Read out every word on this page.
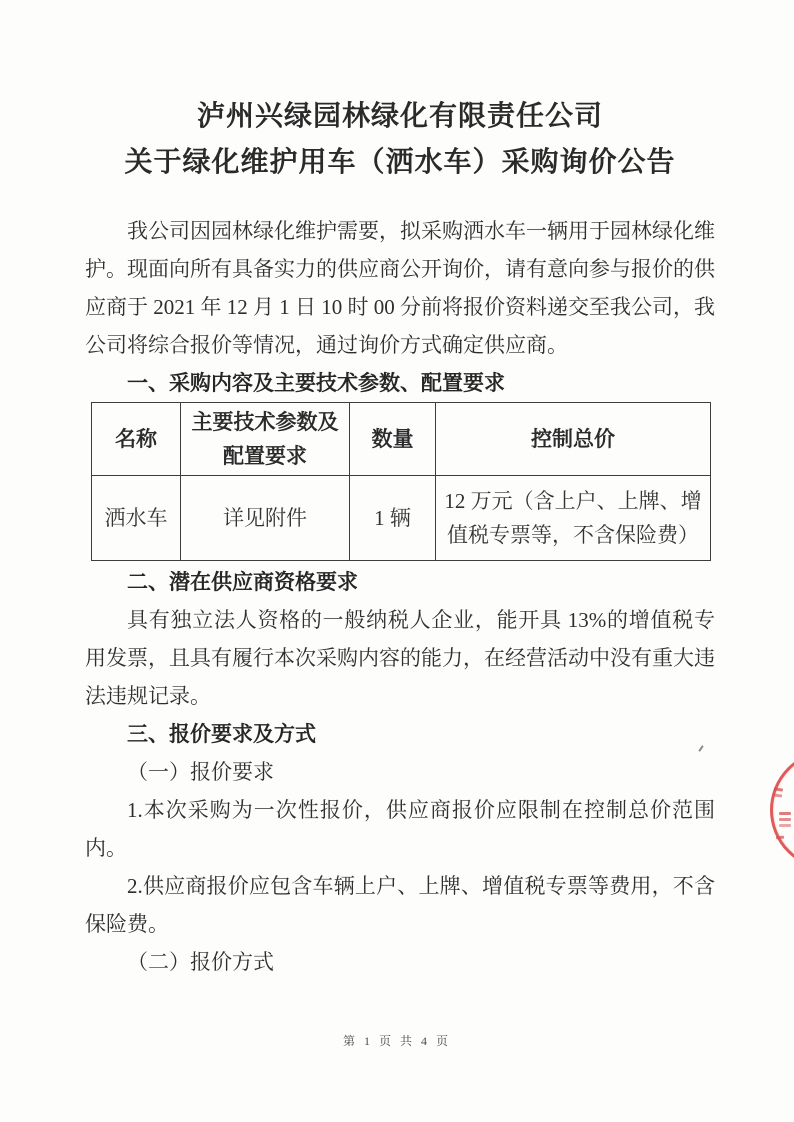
泸州兴绿园林绿化有限责任公司
关于绿化维护用车（洒水车）采购询价公告

我公司因园林绿化维护需要，拟采购洒水车一辆用于园林绿化维护。现面向所有具备实力的供应商公开询价，请有意向参与报价的供应商于 2021 年 12 月 1 日 10 时 00 分前将报价资料递交至我公司，我公司将综合报价等情况，通过询价方式确定供应商。

一、采购内容及主要技术参数、配置要求

名称	主要技术参数及配置要求	数量	控制总价
洒水车	详见附件	1 辆	12 万元（含上户、上牌、增值税专票等，不含保险费）

二、潜在供应商资格要求

具有独立法人资格的一般纳税人企业，能开具 13%的增值税专用发票，且具有履行本次采购内容的能力，在经营活动中没有重大违法违规记录。

三、报价要求及方式

（一）报价要求

1.本次采购为一次性报价，供应商报价应限制在控制总价范围内。

2.供应商报价应包含车辆上户、上牌、增值税专票等费用，不含保险费。

（二）报价方式

第 1 页 共 4 页
